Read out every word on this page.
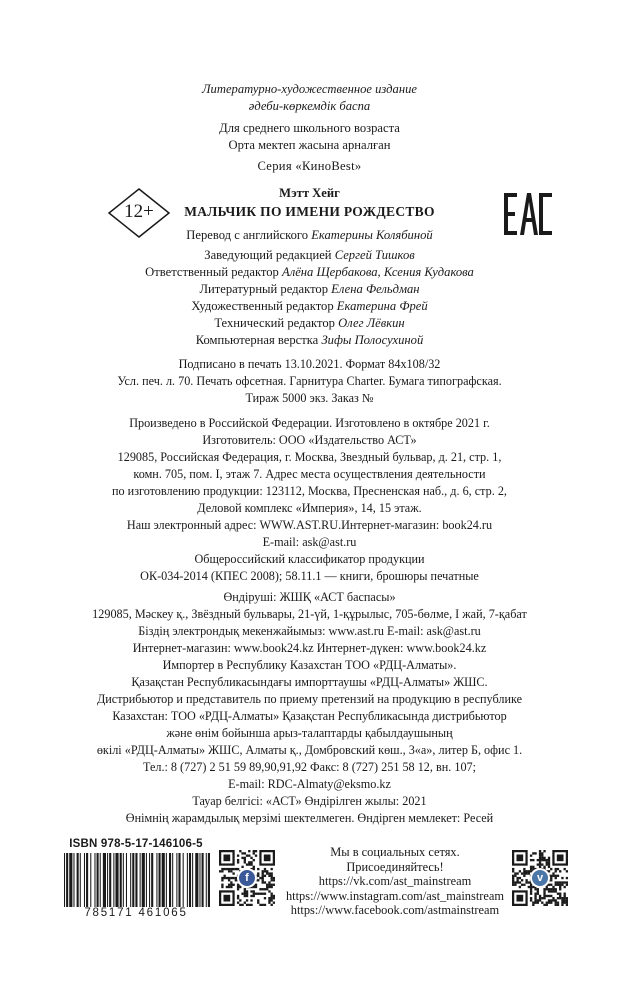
Литературно-художественное издание
әдеби-көркемдік баспа
Для среднего школьного возраста
Орта мектеп жасына арналған
Серия «КиноBest»
12+
Мэтт Хейг
МАЛЬЧИК ПО ИМЕНИ РОЖДЕСТВО
Перевод с английского Екатерины Колябиной
Заведующий редакцией Сергей Тишков
Ответственный редактор Алёна Щербакова, Ксения Кудакова
Литературный редактор Елена Фельдман
Художественный редактор Екатерина Фрей
Технический редактор Олег Лёвкин
Компьютерная верстка Зифы Полосухиной
Подписано в печать 13.10.2021. Формат 84x108/32
Усл. печ. л. 70. Печать офсетная. Гарнитура Charter. Бумага типографская.
Тираж 5000 экз. Заказ №
Произведено в Российской Федерации. Изготовлено в октябре 2021 г.
Изготовитель: ООО «Издательство АСТ»
129085, Российская Федерация, г. Москва, Звездный бульвар, д. 21, стр. 1,
комн. 705, пом. I, этаж 7. Адрес места осуществления деятельности
по изготовлению продукции: 123112, Москва, Пресненская наб., д. 6, стр. 2,
Деловой комплекс «Империя», 14, 15 этаж.
Наш электронный адрес: WWW.AST.RU.Интернет-магазин: book24.ru
E-mail: ask@ast.ru
Общероссийский классификатор продукции
ОК-034-2014 (КПЕС 2008); 58.11.1 — книги, брошюры печатные
Өндіруші: ЖШҚ «АСТ баспасы»
129085, Мәскеу қ., Звёздный бульвары, 21-үй, 1-құрылыс, 705-бөлме, I жай, 7-қабат
Біздің электрондық мекенжайымыз: www.ast.ru E-mail: ask@ast.ru
Интернет-магазин: www.book24.kz Интернет-дүкен: www.book24.kz
Импортер в Республику Казахстан ТОО «РДЦ-Алматы».
Қазақстан Республикасындағы импорттаушы «РДЦ-Алматы» ЖШС.
Дистрибьютор и представитель по приему претензий на продукцию в республике
Казахстан: ТОО «РДЦ-Алматы» Қазақстан Республикасында дистрибьютор
және өнім бойынша арыз-талаптарды қабылдаушының
өкілі «РДЦ-Алматы» ЖШС, Алматы қ., Домбровский көш., 3«а», литер Б, офис 1.
Тел.: 8 (727) 2 51 59 89,90,91,92 Факс: 8 (727) 251 58 12, вн. 107;
E-mail: RDC-Almaty@eksmo.kz
Тауар белгісі: «АСТ» Өндірілген жылы: 2021
Өнімнің жарамдылық мерзімі шектелмеген. Өндірген мемлекет: Ресей
ISBN 978-5-17-146106-5
785171 461065
f
Мы в социальных сетях.
Присоединяйтесь!
https://vk.com/ast_mainstream
https://www.instagram.com/ast_mainstream
https://www.facebook.com/astmainstream
v
